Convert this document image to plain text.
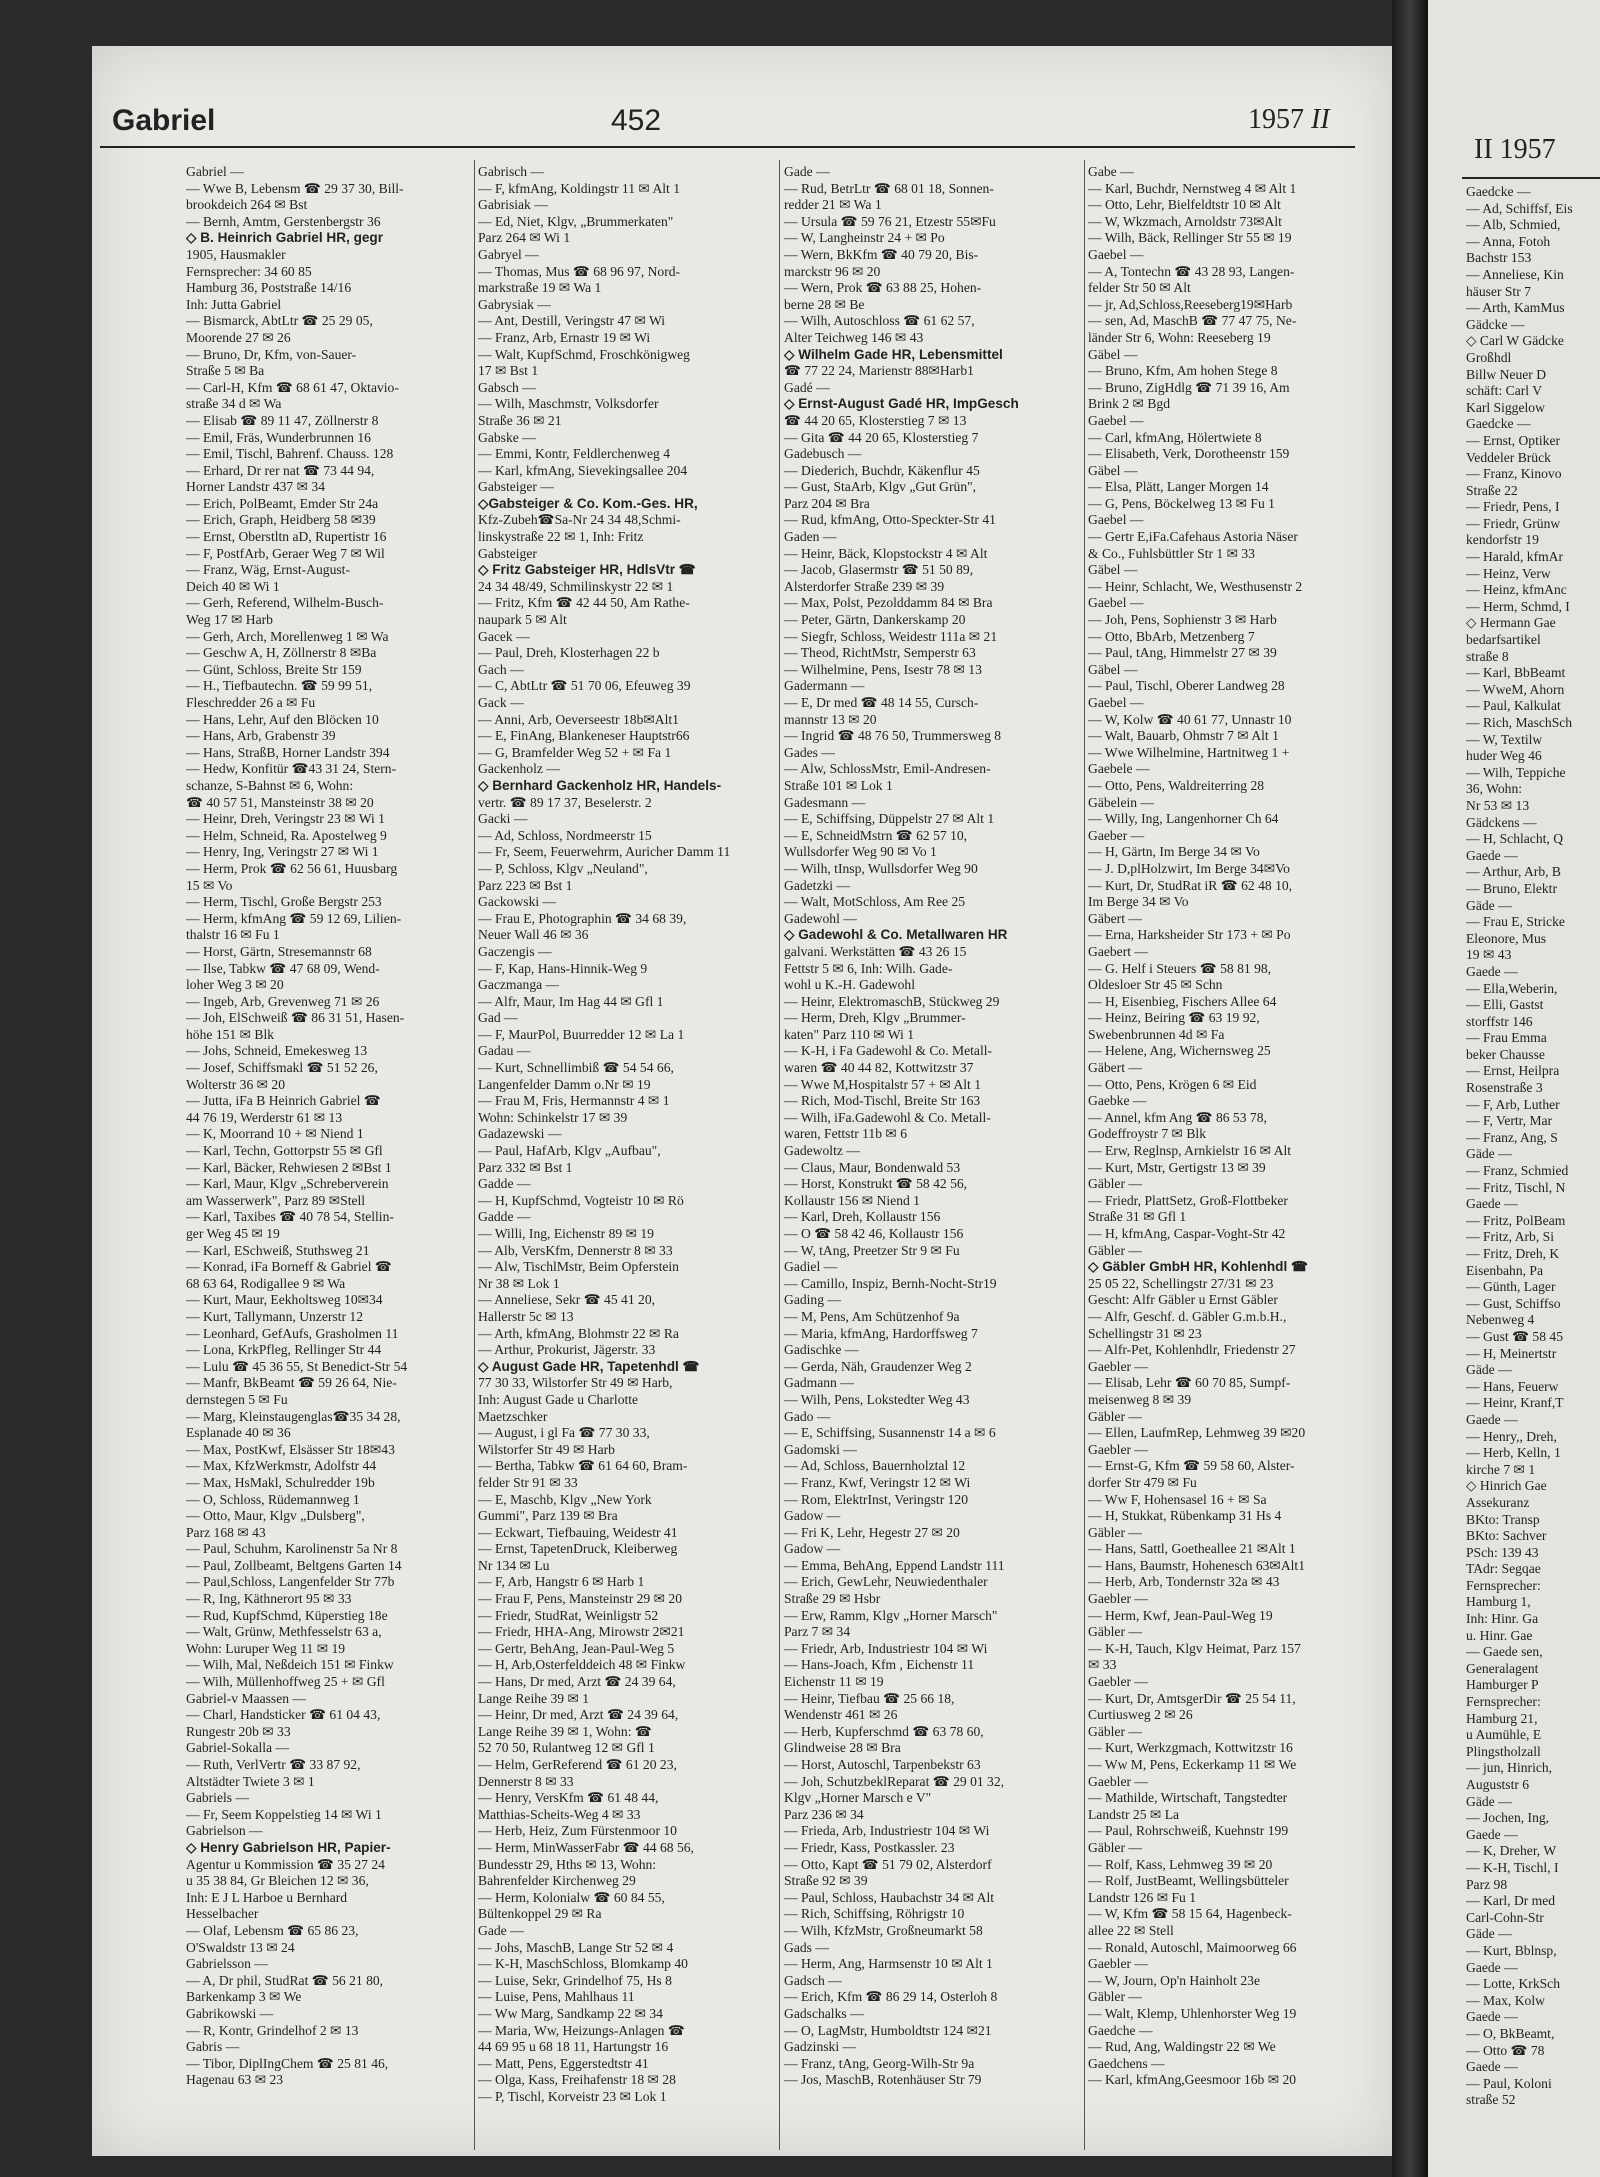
Gabriel	452	1957 II
Gabriel —
— Wwe B, Lebensm ☎ 29 37 30, Bill-
brookdeich 264 ✉ Bst
— Bernh, Amtm, Gerstenbergstr 36
◇ B. Heinrich Gabriel HR, gegr
1905, Hausmakler
Fernsprecher: 34 60 85
Hamburg 36, Poststraße 14/16
Inh: Jutta Gabriel
— Bismarck, AbtLtr ☎ 25 29 05,
Moorende 27 ✉ 26
— Bruno, Dr, Kfm, von-Sauer-
Straße 5 ✉ Ba
— Carl-H, Kfm ☎ 68 61 47, Oktavio-
straße 34 d ✉ Wa
— Elisab ☎ 89 11 47, Zöllnerstr 8
— Emil, Fräs, Wunderbrunnen 16
— Emil, Tischl, Bahrenf. Chauss. 128
— Erhard, Dr rer nat ☎ 73 44 94,
Horner Landstr 437 ✉ 34
— Erich, PolBeamt, Emder Str 24a
— Erich, Graph, Heidberg 58 ✉39
— Ernst, Oberstltn aD, Rupertistr 16
— F, PostfArb, Geraer Weg 7 ✉ Wil
— Franz, Wäg, Ernst-August-
Deich 40 ✉ Wi 1
— Gerh, Referend, Wilhelm-Busch-
Weg 17 ✉ Harb
— Gerh, Arch, Morellenweg 1 ✉ Wa
— Geschw A, H, Zöllnerstr 8 ✉Ba
— Günt, Schloss, Breite Str 159
— H., Tiefbautechn. ☎ 59 99 51,
Fleschredder 26 a ✉ Fu
— Hans, Lehr, Auf den Blöcken 10
— Hans, Arb, Grabenstr 39
— Hans, StraßB, Horner Landstr 394
— Hedw, Konfitür ☎43 31 24, Stern-
schanze, S-Bahnst ✉ 6, Wohn:
☎ 40 57 51, Mansteinstr 38 ✉ 20
— Heinr, Dreh, Veringstr 23 ✉ Wi 1
— Helm, Schneid, Ra. Apostelweg 9
— Henry, Ing, Veringstr 27 ✉ Wi 1
— Herm, Prok ☎ 62 56 61, Huusbarg
15 ✉ Vo
— Herm, Tischl, Große Bergstr 253
— Herm, kfmAng ☎ 59 12 69, Lilien-
thalstr 16 ✉ Fu 1
— Horst, Gärtn, Stresemannstr 68
— Ilse, Tabkw ☎ 47 68 09, Wend-
loher Weg 3 ✉ 20
— Ingeb, Arb, Grevenweg 71 ✉ 26
— Joh, ElSchweiß ☎ 86 31 51, Hasen-
höhe 151 ✉ Blk
— Johs, Schneid, Emekesweg 13
— Josef, Schiffsmakl ☎ 51 52 26,
Wolterstr 36 ✉ 20
— Jutta, iFa B Heinrich Gabriel ☎
44 76 19, Werderstr 61 ✉ 13
— K, Moorrand 10 + ✉ Niend 1
— Karl, Techn, Gottorpstr 55 ✉ Gfl
— Karl, Bäcker, Rehwiesen 2 ✉Bst 1
— Karl, Maur, Klgv „Schreberverein
am Wasserwerk", Parz 89 ✉Stell
— Karl, Taxibes ☎ 40 78 54, Stellin-
ger Weg 45 ✉ 19
— Karl, ESchweiß, Stuthsweg 21
— Konrad, iFa Borneff & Gabriel ☎
68 63 64, Rodigallee 9 ✉ Wa
— Kurt, Maur, Eekholtsweg 10✉34
— Kurt, Tallymann, Unzerstr 12
— Leonhard, GefAufs, Grasholmen 11
— Lona, KrkPfleg, Rellinger Str 44
— Lulu ☎ 45 36 55, St Benedict-Str 54
— Manfr, BkBeamt ☎ 59 26 64, Nie-
dernstegen 5 ✉ Fu
— Marg, Kleinstaugenglas☎35 34 28,
Esplanade 40 ✉ 36
— Max, PostKwf, Elsässer Str 18✉43
— Max, KfzWerkmstr, Adolfstr 44
— Max, HsMakl, Schulredder 19b
— O, Schloss, Rüdemannweg 1
— Otto, Maur, Klgv „Dulsberg",
Parz 168 ✉ 43
— Paul, Schuhm, Karolinenstr 5a Nr 8
— Paul, Zollbeamt, Beltgens Garten 14
— Paul,Schloss, Langenfelder Str 77b
— R, Ing, Käthnerort 95 ✉ 33
— Rud, KupfSchmd, Küperstieg 18e
— Walt, Grünw, Methfesselstr 63 a,
Wohn: Luruper Weg 11 ✉ 19
— Wilh, Mal, Neßdeich 151 ✉ Finkw
— Wilh, Müllenhoffweg 25 + ✉ Gfl
Gabriel-v Maassen —
— Charl, Handsticker ☎ 61 04 43,
Rungestr 20b ✉ 33
Gabriel-Sokalla —
— Ruth, VerlVertr ☎ 33 87 92,
Altstädter Twiete 3 ✉ 1
Gabriels —
— Fr, Seem Koppelstieg 14 ✉ Wi 1
Gabrielson —
◇ Henry Gabrielson HR, Papier-
Agentur u Kommission ☎ 35 27 24
u 35 38 84, Gr Bleichen 12 ✉ 36,
Inh: E J L Harboe u Bernhard
Hesselbacher
— Olaf, Lebensm ☎ 65 86 23,
O'Swaldstr 13 ✉ 24
Gabrielsson —
— A, Dr phil, StudRat ☎ 56 21 80,
Barkenkamp 3 ✉ We
Gabrikowski —
— R, Kontr, Grindelhof 2 ✉ 13
Gabris —
— Tibor, DiplIngChem ☎ 25 81 46,
Hagenau 63 ✉ 23
Gabrisch —
— F, kfmAng, Koldingstr 11 ✉ Alt 1
Gabrisiak —
— Ed, Niet, Klgv, „Brummerkaten"
Parz 264 ✉ Wi 1
Gabryel —
— Thomas, Mus ☎ 68 96 97, Nord-
markstraße 19 ✉ Wa 1
Gabrysiak —
— Ant, Destill, Veringstr 47 ✉ Wi
— Franz, Arb, Ernastr 19 ✉ Wi
— Walt, KupfSchmd, Froschkönigweg
17 ✉ Bst 1
Gabsch —
— Wilh, Maschmstr, Volksdorfer
Straße 36 ✉ 21
Gabske —
— Emmi, Kontr, Feldlerchenweg 4
— Karl, kfmAng, Sievekingsallee 204
Gabsteiger —
◇Gabsteiger & Co. Kom.-Ges. HR,
Kfz-Zubeh☎Sa-Nr 24 34 48,Schmi-
linskystraße 22 ✉ 1, Inh: Fritz
Gabsteiger
◇ Fritz Gabsteiger HR, HdlsVtr ☎
24 34 48/49, Schmilinskystr 22 ✉ 1
— Fritz, Kfm ☎ 42 44 50, Am Rathe-
naupark 5 ✉ Alt
Gacek —
— Paul, Dreh, Klosterhagen 22 b
Gach —
— C, AbtLtr ☎ 51 70 06, Efeuweg 39
Gack —
— Anni, Arb, Oeverseestr 18b✉Alt1
— E, FinAng, Blankeneser Hauptstr66
— G, Bramfelder Weg 52 + ✉ Fa 1
Gackenholz —
◇ Bernhard Gackenholz HR, Handels-
vertr. ☎ 89 17 37, Beselerstr. 2
Gacki —
— Ad, Schloss, Nordmeerstr 15
— Fr, Seem, Feuerwehrm, Auricher Damm 11
— P, Schloss, Klgv „Neuland",
Parz 223 ✉ Bst 1
Gackowski —
— Frau E, Photographin ☎ 34 68 39,
Neuer Wall 46 ✉ 36
Gaczengis —
— F, Kap, Hans-Hinnik-Weg 9
Gaczmanga —
— Alfr, Maur, Im Hag 44 ✉ Gfl 1
Gad —
— F, MaurPol, Buurredder 12 ✉ La 1
Gadau —
— Kurt, Schnellimbiß ☎ 54 54 66,
Langenfelder Damm o.Nr ✉ 19
— Frau M, Fris, Hermannstr 4 ✉ 1
Wohn: Schinkelstr 17 ✉ 39
Gadazewski —
— Paul, HafArb, Klgv „Aufbau",
Parz 332 ✉ Bst 1
Gadde —
— H, KupfSchmd, Vogteistr 10 ✉ Rö
Gadde —
— Willi, Ing, Eichenstr 89 ✉ 19
— Alb, VersKfm, Dennerstr 8 ✉ 33
— Alw, TischlMstr, Beim Opferstein
Nr 38 ✉ Lok 1
— Anneliese, Sekr ☎ 45 41 20,
Hallerstr 5c ✉ 13
— Arth, kfmAng, Blohmstr 22 ✉ Ra
— Arthur, Prokurist, Jägerstr. 33
◇ August Gade HR, Tapetenhdl ☎
77 30 33, Wilstorfer Str 49 ✉ Harb,
Inh: August Gade u Charlotte
Maetzschker
— August, i gl Fa ☎ 77 30 33,
Wilstorfer Str 49 ✉ Harb
— Bertha, Tabkw ☎ 61 64 60, Bram-
felder Str 91 ✉ 33
— E, Maschb, Klgv „New York
Gummi", Parz 139 ✉ Bra
— Eckwart, Tiefbauing, Weidestr 41
— Ernst, TapetenDruck, Kleiberweg
Nr 134 ✉ Lu
— F, Arb, Hangstr 6 ✉ Harb 1
— Frau F, Pens, Mansteinstr 29 ✉ 20
— Friedr, StudRat, Weinligstr 52
— Friedr, HHA-Ang, Mirowstr 2✉21
— Gertr, BehAng, Jean-Paul-Weg 5
— H, Arb,Osterfelddeich 48 ✉ Finkw
— Hans, Dr med, Arzt ☎ 24 39 64,
Lange Reihe 39 ✉ 1
— Heinr, Dr med, Arzt ☎ 24 39 64,
Lange Reihe 39 ✉ 1, Wohn: ☎
52 70 50, Rulantweg 12 ✉ Gfl 1
— Helm, GerReferend ☎ 61 20 23,
Dennerstr 8 ✉ 33
— Henry, VersKfm ☎ 61 48 44,
Matthias-Scheits-Weg 4 ✉ 33
— Herb, Heiz, Zum Fürstenmoor 10
— Herm, MinWasserFabr ☎ 44 68 56,
Bundesstr 29, Hths ✉ 13, Wohn:
Bahrenfelder Kirchenweg 29
— Herm, Kolonialw ☎ 60 84 55,
Bültenkoppel 29 ✉ Ra
Gade —
— Johs, MaschB, Lange Str 52 ✉ 4
— K-H, MaschSchloss, Blomkamp 40
— Luise, Sekr, Grindelhof 75, Hs 8
— Luise, Pens, Mahlhaus 11
— Ww Marg, Sandkamp 22 ✉ 34
— Maria, Ww, Heizungs-Anlagen ☎
44 69 95 u 68 18 11, Hartungstr 16
— Matt, Pens, Eggerstedtstr 41
— Olga, Kass, Freihafenstr 18 ✉ 28
— P, Tischl, Korveistr 23 ✉ Lok 1
Gade —
— Rud, BetrLtr ☎ 68 01 18, Sonnen-
redder 21 ✉ Wa 1
— Ursula ☎ 59 76 21, Etzestr 55✉Fu
— W, Langheinstr 24 + ✉ Po
— Wern, BkKfm ☎ 40 79 20, Bis-
marckstr 96 ✉ 20
— Wern, Prok ☎ 63 88 25, Hohen-
berne 28 ✉ Be
— Wilh, Autoschloss ☎ 61 62 57,
Alter Teichweg 146 ✉ 43
◇ Wilhelm Gade HR, Lebensmittel
☎ 77 22 24, Marienstr 88✉Harb1
Gadé —
◇ Ernst-August Gadé HR, ImpGesch
☎ 44 20 65, Klosterstieg 7 ✉ 13
— Gita ☎ 44 20 65, Klosterstieg 7
Gadebusch —
— Diederich, Buchdr, Käkenflur 45
— Gust, StaArb, Klgv „Gut Grün",
Parz 204 ✉ Bra
— Rud, kfmAng, Otto-Speckter-Str 41
Gaden —
— Heinr, Bäck, Klopstockstr 4 ✉ Alt
— Jacob, Glasermstr ☎ 51 50 89,
Alsterdorfer Straße 239 ✉ 39
— Max, Polst, Pezolddamm 84 ✉ Bra
— Peter, Gärtn, Dankerskamp 20
— Siegfr, Schloss, Weidestr 111a ✉ 21
— Theod, RichtMstr, Semperstr 63
— Wilhelmine, Pens, Isestr 78 ✉ 13
Gadermann —
— E, Dr med ☎ 48 14 55, Cursch-
mannstr 13 ✉ 20
— Ingrid ☎ 48 76 50, Trummersweg 8
Gades —
— Alw, SchlossMstr, Emil-Andresen-
Straße 101 ✉ Lok 1
Gadesmann —
— E, Schiffsing, Düppelstr 27 ✉ Alt 1
— E, SchneidMstrn ☎ 62 57 10,
Wullsdorfer Weg 90 ✉ Vo 1
— Wilh, tInsp, Wullsdorfer Weg 90
Gadetzki —
— Walt, MotSchloss, Am Ree 25
Gadewohl —
◇ Gadewohl & Co. Metallwaren HR
galvani. Werkstätten ☎ 43 26 15
Fettstr 5 ✉ 6, Inh: Wilh. Gade-
wohl u K.-H. Gadewohl
— Heinr, ElektromaschB, Stückweg 29
— Herm, Dreh, Klgv „Brummer-
katen" Parz 110 ✉ Wi 1
— K-H, i Fa Gadewohl & Co. Metall-
waren ☎ 40 44 82, Kottwitzstr 37
— Wwe M,Hospitalstr 57 + ✉ Alt 1
— Rich, Mod-Tischl, Breite Str 163
— Wilh, iFa.Gadewohl & Co. Metall-
waren, Fettstr 11b ✉ 6
Gadewoltz —
— Claus, Maur, Bondenwald 53
— Horst, Konstrukt ☎ 58 42 56,
Kollaustr 156 ✉ Niend 1
— Karl, Dreh, Kollaustr 156
— O ☎ 58 42 46, Kollaustr 156
— W, tAng, Preetzer Str 9 ✉ Fu
Gadiel —
— Camillo, Inspiz, Bernh-Nocht-Str19
Gading —
— M, Pens, Am Schützenhof 9a
— Maria, kfmAng, Hardorffsweg 7
Gadischke —
— Gerda, Näh, Graudenzer Weg 2
Gadmann —
— Wilh, Pens, Lokstedter Weg 43
Gado —
— E, Schiffsing, Susannenstr 14 a ✉ 6
Gadomski —
— Ad, Schloss, Bauernholztal 12
— Franz, Kwf, Veringstr 12 ✉ Wi
— Rom, ElektrInst, Veringstr 120
Gadow —
— Fri K, Lehr, Hegestr 27 ✉ 20
Gadow —
— Emma, BehAng, Eppend Landstr 111
— Erich, GewLehr, Neuwiedenthaler
Straße 29 ✉ Hsbr
— Erw, Ramm, Klgv „Horner Marsch"
Parz 7 ✉ 34
— Friedr, Arb, Industriestr 104 ✉ Wi
— Hans-Joach, Kfm , Eichenstr 11
Eichenstr 11 ✉ 19
— Heinr, Tiefbau ☎ 25 66 18,
Wendenstr 461 ✉ 26
— Herb, Kupferschmd ☎ 63 78 60,
Glindweise 28 ✉ Bra
— Horst, Autoschl, Tarpenbekstr 63
— Joh, SchutzbeklReparat ☎ 29 01 32,
Klgv „Horner Marsch e V"
Parz 236 ✉ 34
— Frieda, Arb, Industriestr 104 ✉ Wi
— Friedr, Kass, Postkassler. 23
— Otto, Kapt ☎ 51 79 02, Alsterdorf
Straße 92 ✉ 39
— Paul, Schloss, Haubachstr 34 ✉ Alt
— Rich, Schiffsing, Röhrigstr 10
— Wilh, KfzMstr, Großneumarkt 58
Gads —
— Herm, Ang, Harmsenstr 10 ✉ Alt 1
Gadsch —
— Erich, Kfm ☎ 86 29 14, Osterloh 8
Gadschalks —
— O, LagMstr, Humboldtstr 124 ✉21
Gadzinski —
— Franz, tAng, Georg-Wilh-Str 9a
— Jos, MaschB, Rotenhäuser Str 79
Gabe —
— Karl, Buchdr, Nernstweg 4 ✉ Alt 1
— Otto, Lehr, Bielfeldtstr 10 ✉ Alt
— W, Wkzmach, Arnoldstr 73✉Alt
— Wilh, Bäck, Rellinger Str 55 ✉ 19
Gaebel —
— A, Tontechn ☎ 43 28 93, Langen-
felder Str 50 ✉ Alt
— jr, Ad,Schloss,Reeseberg19✉Harb
— sen, Ad, MaschB ☎ 77 47 75, Ne-
länder Str 6, Wohn: Reeseberg 19
Gäbel —
— Bruno, Kfm, Am hohen Stege 8
— Bruno, ZigHdlg ☎ 71 39 16, Am
Brink 2 ✉ Bgd
Gaebel —
— Carl, kfmAng, Hölertwiete 8
— Elisabeth, Verk, Dorotheenstr 159
Gäbel —
— Elsa, Plätt, Langer Morgen 14
— G, Pens, Böckelweg 13 ✉ Fu 1
Gaebel —
— Gertr E,iFa.Cafehaus Astoria Näser
& Co., Fuhlsbüttler Str 1 ✉ 33
Gäbel —
— Heinr, Schlacht, We, Westhusenstr 2
Gaebel —
— Joh, Pens, Sophienstr 3 ✉ Harb
— Otto, BbArb, Metzenberg 7
— Paul, tAng, Himmelstr 27 ✉ 39
Gäbel —
— Paul, Tischl, Oberer Landweg 28
Gaebel —
— W, Kolw ☎ 40 61 77, Unnastr 10
— Walt, Bauarb, Ohmstr 7 ✉ Alt 1
— Wwe Wilhelmine, Hartnitweg 1 +
Gaebele —
— Otto, Pens, Waldreiterring 28
Gäbelein —
— Willy, Ing, Langenhorner Ch 64
Gaeber —
— H, Gärtn, Im Berge 34 ✉ Vo
— J. D,plHolzwirt, Im Berge 34✉Vo
— Kurt, Dr, StudRat iR ☎ 62 48 10,
Im Berge 34 ✉ Vo
Gäbert —
— Erna, Harksheider Str 173 + ✉ Po
Gaebert —
— G. Helf i Steuers ☎ 58 81 98,
Oldesloer Str 45 ✉ Schn
— H, Eisenbieg, Fischers Allee 64
— Heinz, Beiring ☎ 63 19 92,
Swebenbrunnen 4d ✉ Fa
— Helene, Ang, Wichernsweg 25
Gäbert —
— Otto, Pens, Krögen 6 ✉ Eid
Gaebke —
— Annel, kfm Ang ☎ 86 53 78,
Godeffroystr 7 ✉ Blk
— Erw, Reglnsp, Arnkielstr 16 ✉ Alt
— Kurt, Mstr, Gertigstr 13 ✉ 39
Gäbler —
— Friedr, PlattSetz, Groß-Flottbeker
Straße 31 ✉ Gfl 1
— H, kfmAng, Caspar-Voght-Str 42
Gäbler —
◇ Gäbler GmbH HR, Kohlenhdl ☎
25 05 22, Schellingstr 27/31 ✉ 23
Gescht: Alfr Gäbler u Ernst Gäbler
— Alfr, Geschf. d. Gäbler G.m.b.H.,
Schellingstr 31 ✉ 23
— Alfr-Pet, Kohlenhdlr, Friedenstr 27
Gaebler —
— Elisab, Lehr ☎ 60 70 85, Sumpf-
meisenweg 8 ✉ 39
Gäbler —
— Ellen, LaufmRep, Lehmweg 39 ✉20
Gaebler —
— Ernst-G, Kfm ☎ 59 58 60, Alster-
dorfer Str 479 ✉ Fu
— Ww F, Hohensasel 16 + ✉ Sa
— H, Stukkat, Rübenkamp 31 Hs 4
Gäbler —
— Hans, Sattl, Goetheallee 21 ✉Alt 1
— Hans, Baumstr, Hohenesch 63✉Alt1
— Herb, Arb, Tondernstr 32a ✉ 43
Gaebler —
— Herm, Kwf, Jean-Paul-Weg 19
Gäbler —
— K-H, Tauch, Klgv Heimat, Parz 157
✉ 33
Gaebler —
— Kurt, Dr, AmtsgerDir ☎ 25 54 11,
Curtiusweg 2 ✉ 26
Gäbler —
— Kurt, Werkzgmach, Kottwitzstr 16
— Ww M, Pens, Eckerkamp 11 ✉ We
Gaebler —
— Mathilde, Wirtschaft, Tangstedter
Landstr 25 ✉ La
— Paul, Rohrschweiß, Kuehnstr 199
Gäbler —
— Rolf, Kass, Lehmweg 39 ✉ 20
— Rolf, JustBeamt, Wellingsbütteler
Landstr 126 ✉ Fu 1
— W, Kfm ☎ 58 15 64, Hagenbeck-
allee 22 ✉ Stell
— Ronald, Autoschl, Maimoorweg 66
Gaebler —
— W, Journ, Op'n Hainholt 23e
Gäbler —
— Walt, Klemp, Uhlenhorster Weg 19
Gaedche —
— Rud, Ang, Waldingstr 22 ✉ We
Gaedchens —
— Karl, kfmAng,Geesmoor 16b ✉ 20
II 1957
Gaedcke —
— Ad, Schiffsf, Eis
— Alb, Schmied,
— Anna, Fotoh
Bachstr 153
— Anneliese, Kin
häuser Str 7
— Arth, KamMus
Gädcke —
◇ Carl W Gädcke
Großhdl
Billw Neuer D
schäft: Carl V
Karl Siggelow
Gaedcke —
— Ernst, Optiker
Veddeler Brück
— Franz, Kinovo
Straße 22
— Friedr, Pens, I
— Friedr, Grünw
kendorfstr 19
— Harald, kfmAr
— Heinz, Verw
— Heinz, kfmAnc
— Herm, Schmd, I
◇ Hermann Gae
bedarfsartikel
straße 8
— Karl, BbBeamt
— WweM, Ahorn
— Paul, Kalkulat
— Rich, MaschSch
— W, Textilw
huder Weg 46
— Wilh, Teppiche
36, Wohn:
Nr 53 ✉ 13
Gädckens —
— H, Schlacht, Q
Gaede —
— Arthur, Arb, B
— Bruno, Elektr
Gäde —
— Frau E, Stricke
Eleonore, Mus
19 ✉ 43
Gaede —
— Ella,Weberin,
— Elli, Gastst
storffstr 146
— Frau Emma
beker Chausse
— Ernst, Heilpra
Rosenstraße 3
— F, Arb, Luther
— F, Vertr, Mar
— Franz, Ang, S
Gäde —
— Franz, Schmied
— Fritz, Tischl, N
Gaede —
— Fritz, PolBeam
— Fritz, Arb, Si
— Fritz, Dreh, K
Eisenbahn, Pa
— Günth, Lager
— Gust, Schiffso
Nebenweg 4
— Gust ☎ 58 45
— H, Meinertstr
Gäde —
— Hans, Feuerw
— Heinr, Kranf,T
Gaede —
— Henry,, Dreh,
— Herb, Kelln, 1
kirche 7 ✉ 1
◇ Hinrich Gae
Assekuranz
BKto: Transp
BKto: Sachver
PSch: 139 43
TAdr: Segqae
Fernsprecher:
Hamburg 1,
Inh: Hinr. Ga
u. Hinr. Gae
— Gaede sen,
Generalagent
Hamburger P
Fernsprecher:
Hamburg 21,
u Aumühle, E
Plingstholzall
— jun, Hinrich,
Auguststr 6
Gäde —
— Jochen, Ing,
Gaede —
— K, Dreher, W
— K-H, Tischl, I
Parz 98
— Karl, Dr med
Carl-Cohn-Str
Gäde —
— Kurt, Bblnsp,
Gaede —
— Lotte, KrkSch
— Max, Kolw
Gaede —
— O, BkBeamt,
— Otto ☎ 78
Gaede —
— Paul, Koloni
straße 52
